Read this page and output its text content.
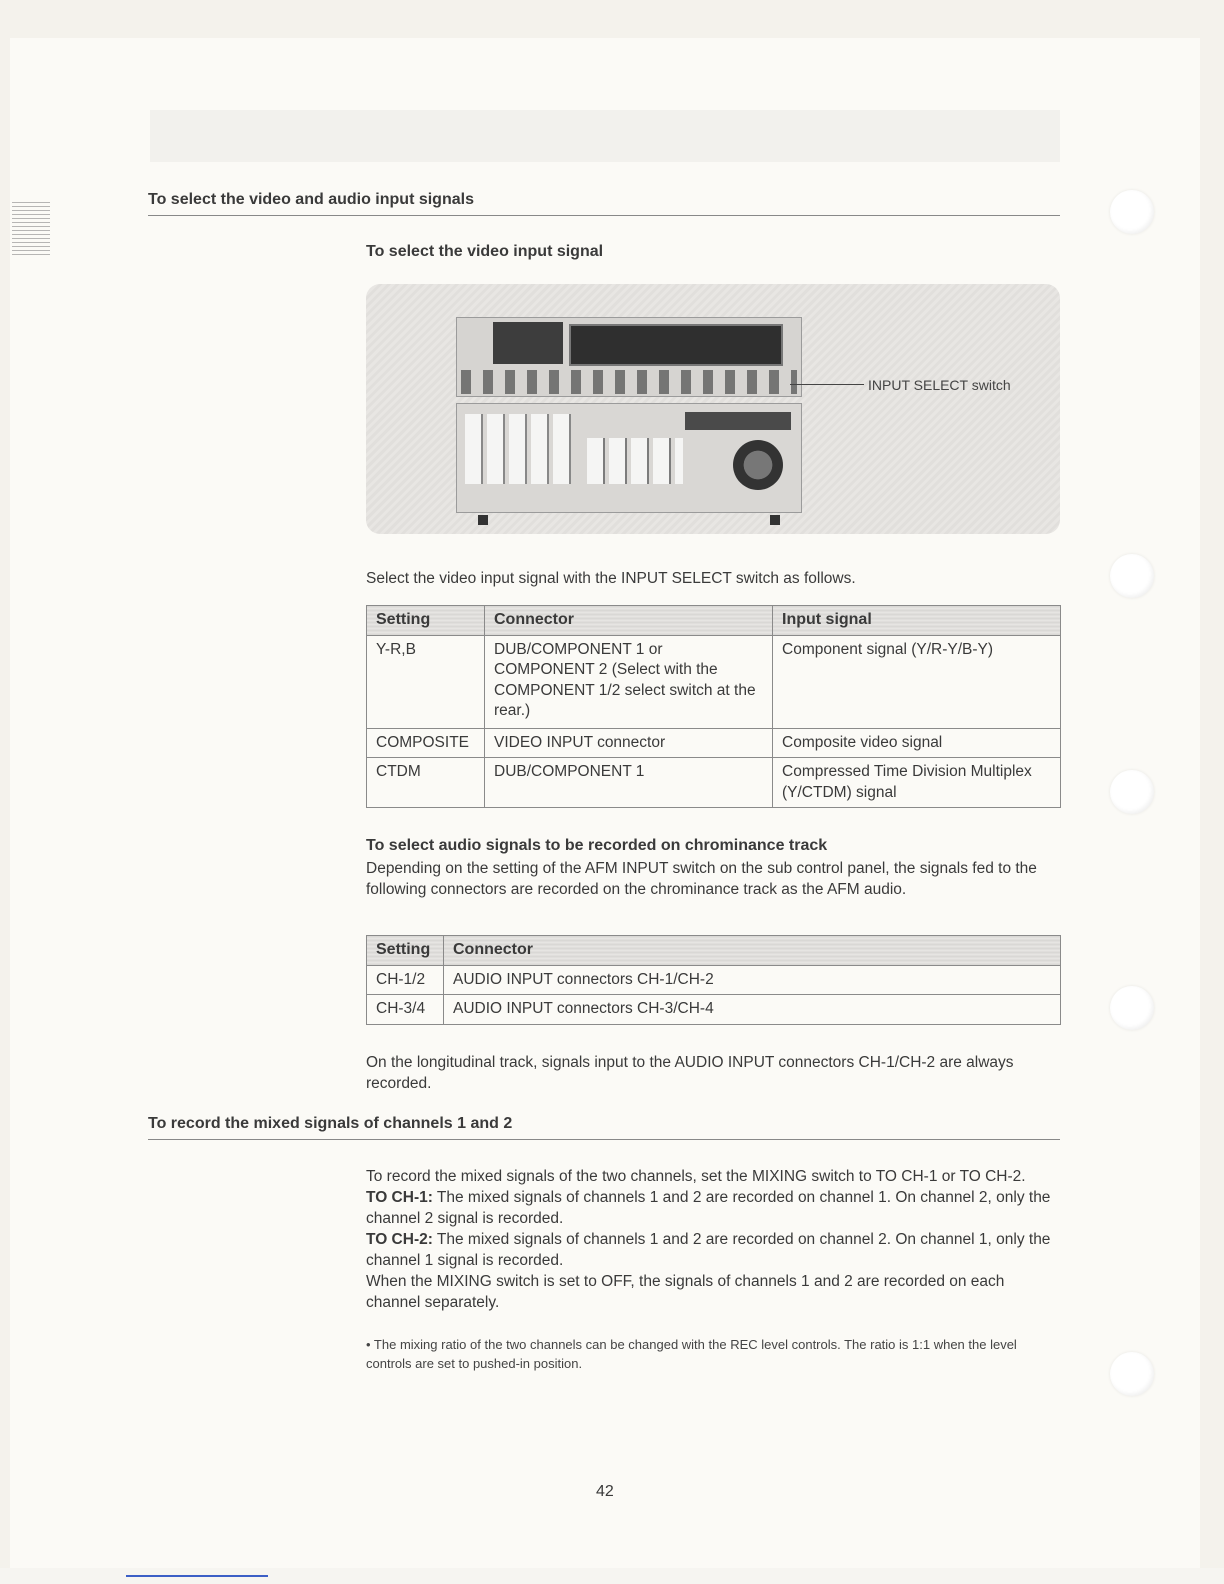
To select the video and audio input signals
To select the video input signal
INPUT SELECT switch
Select the video input signal with the INPUT SELECT switch as follows.
Setting	Connector	Input signal
Y-R,B	DUB/COMPONENT 1 or COMPONENT 2 (Select with the COMPONENT 1/2 select switch at the rear.)	Component signal (Y/R-Y/B-Y)
COMPOSITE	VIDEO INPUT connector	Composite video signal
CTDM	DUB/COMPONENT 1	Compressed Time Division Multiplex (Y/CTDM) signal
To select audio signals to be recorded on chrominance track
Depending on the setting of the AFM INPUT switch on the sub control panel, the signals fed to the following connectors are recorded on the chrominance track as the AFM audio.
Setting	Connector
CH-1/2	AUDIO INPUT connectors CH-1/CH-2
CH-3/4	AUDIO INPUT connectors CH-3/CH-4
On the longitudinal track, signals input to the AUDIO INPUT connectors CH-1/CH-2 are always recorded.
To record the mixed signals of channels 1 and 2
To record the mixed signals of the two channels, set the MIXING switch to TO CH-1 or TO CH-2.
TO CH-1: The mixed signals of channels 1 and 2 are recorded on channel 1. On channel 2, only the channel 2 signal is recorded.
TO CH-2: The mixed signals of channels 1 and 2 are recorded on channel 2. On channel 1, only the channel 1 signal is recorded.
When the MIXING switch is set to OFF, the signals of channels 1 and 2 are recorded on each channel separately.
• The mixing ratio of the two channels can be changed with the REC level controls. The ratio is 1:1 when the level controls are set to pushed-in position.
42
